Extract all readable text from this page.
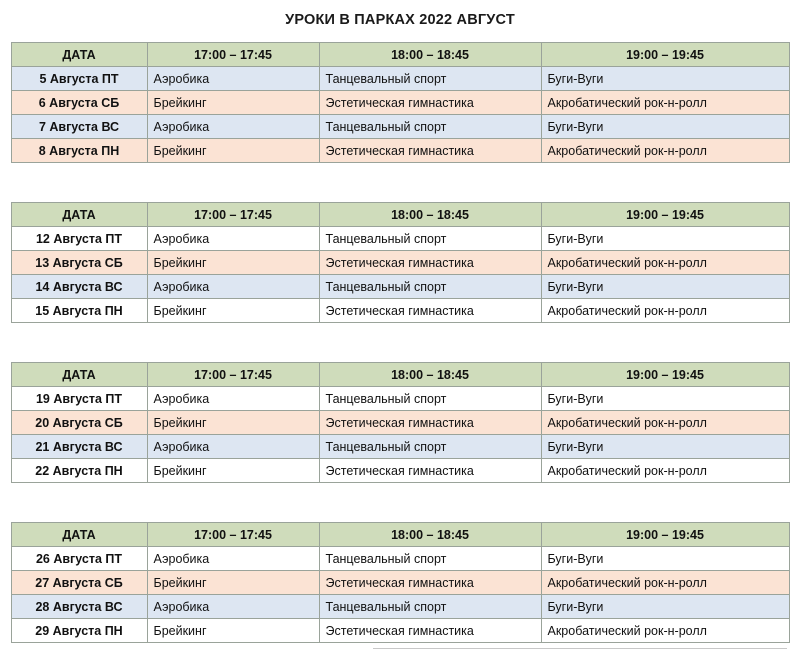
УРОКИ В ПАРКАХ 2022 АВГУСТ
ДАТА	17:00 – 17:45	18:00 – 18:45	19:00 – 19:45
5 Августа ПТ	Аэробика	Танцевальный спорт	Буги-Вуги
6 Августа СБ	Брейкинг	Эстетическая гимнастика	Акробатический рок-н-ролл
7 Августа ВС	Аэробика	Танцевальный спорт	Буги-Вуги
8 Августа ПН	Брейкинг	Эстетическая гимнастика	Акробатический рок-н-ролл
ДАТА	17:00 – 17:45	18:00 – 18:45	19:00 – 19:45
12 Августа ПТ	Аэробика	Танцевальный спорт	Буги-Вуги
13 Августа СБ	Брейкинг	Эстетическая гимнастика	Акробатический рок-н-ролл
14 Августа ВС	Аэробика	Танцевальный спорт	Буги-Вуги
15 Августа ПН	Брейкинг	Эстетическая гимнастика	Акробатический рок-н-ролл
ДАТА	17:00 – 17:45	18:00 – 18:45	19:00 – 19:45
19 Августа ПТ	Аэробика	Танцевальный спорт	Буги-Вуги
20 Августа СБ	Брейкинг	Эстетическая гимнастика	Акробатический рок-н-ролл
21 Августа ВС	Аэробика	Танцевальный спорт	Буги-Вуги
22 Августа ПН	Брейкинг	Эстетическая гимнастика	Акробатический рок-н-ролл
ДАТА	17:00 – 17:45	18:00 – 18:45	19:00 – 19:45
26 Августа ПТ	Аэробика	Танцевальный спорт	Буги-Вуги
27 Августа СБ	Брейкинг	Эстетическая гимнастика	Акробатический рок-н-ролл
28 Августа ВС	Аэробика	Танцевальный спорт	Буги-Вуги
29 Августа ПН	Брейкинг	Эстетическая гимнастика	Акробатический рок-н-ролл
